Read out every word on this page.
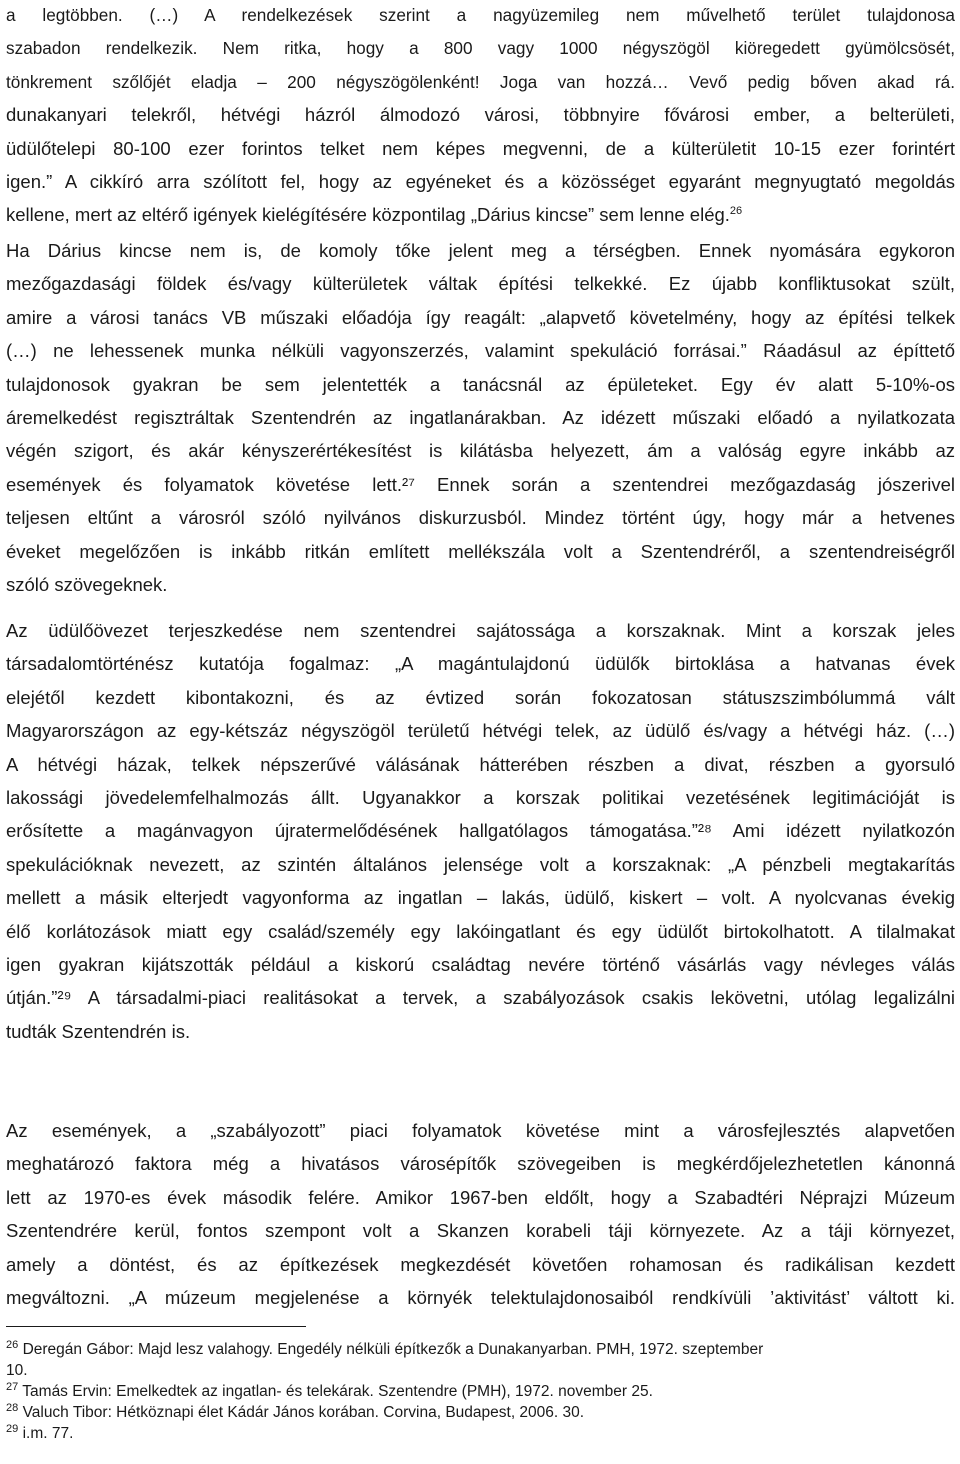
a legtöbben. (…) A rendelkezések szerint a nagyüzemileg nem művelhető terület tulajdonosa
szabadon rendelkezik. Nem ritka, hogy a 800 vagy 1000 négyszögöl kiöregedett gyümölcsösét,
tönkrement szőlőjét eladja – 200 négyszögölenként! Joga van hozzá… Vevő pedig bőven akad rá.
dunakanyari telekről, hétvégi házról álmodozó városi, többnyire fővárosi ember, a belterületi,
üdülőtelepi 80-100 ezer forintos telket nem képes megvenni, de a külterületit 10-15 ezer forintért
igen.” A cikkíró arra szólított fel, hogy az egyéneket és a közösséget egyaránt megnyugtató megoldás
kellene, mert az eltérő igények kielégítésére központilag „Dárius kincse” sem lenne elég.$^{26}$
Ha Dárius kincse nem is, de komoly tőke jelent meg a térségben. Ennek nyomására egykoron
mezőgazdasági földek és/vagy külterületek váltak építési telkekké. Ez újabb konfliktusokat szült,
amire a városi tanács VB műszaki előadója így reagált: „alapvető követelmény, hogy az építési telkek
(…) ne lehessenek munka nélküli vagyonszerzés, valamint spekuláció forrásai.” Ráadásul az építtető
tulajdonosok gyakran be sem jelentették a tanácsnál az épületeket. Egy év alatt 5-10%-os
áremelkedést regisztráltak Szentendrén az ingatlanárakban. Az idézett műszaki előadó a nyilatkozata
végén szigort, és akár kényszerértékesítést is kilátásba helyezett, ám a valóság egyre inkább az
események és folyamatok követése lett.²⁷ Ennek során a szentendrei mezőgazdaság jószerivel
teljesen eltűnt a városról szóló nyilvános diskurzusból. Mindez történt úgy, hogy már a hetvenes
éveket megelőzően is inkább ritkán említett mellékszála volt a Szentendréről, a szentendreiségről
szóló szövegeknek.
Az üdülőövezet terjeszkedése nem szentendrei sajátossága a korszaknak. Mint a korszak jeles
társadalomtörténész kutatója fogalmaz: „A magántulajdonú üdülők birtoklása a hatvanas évek
elejétől kezdett kibontakozni, és az évtized során fokozatosan státuszszimbólummá vált
Magyarországon az egy-kétszáz négyszögöl területű hétvégi telek, az üdülő és/vagy a hétvégi ház. (…)
A hétvégi házak, telkek népszerűvé válásának hátterében részben a divat, részben a gyorsuló
lakossági jövedelemfelhalmozás állt. Ugyanakkor a korszak politikai vezetésének legitimációját is
erősítette a magánvagyon újratermelődésének hallgatólagos támogatása.”²⁸ Ami idézett nyilatkozón
spekulációknak nevezett, az szintén általános jelensége volt a korszaknak: „A pénzbeli megtakarítás
mellett a másik elterjedt vagyonforma az ingatlan – lakás, üdülő, kiskert – volt. A nyolcvanas évekig
élő korlátozások miatt egy család/személy egy lakóingatlant és egy üdülőt birtokolhatott. A tilalmakat
igen gyakran kijátszották például a kiskorú családtag nevére történő vásárlás vagy névleges válás
útján.”²⁹ A társadalmi-piaci realitásokat a tervek, a szabályozások csakis lekövetni, utólag legalizálni
tudták Szentendrén is.
Az események, a „szabályozott” piaci folyamatok követése mint a városfejlesztés alapvetően
meghatározó faktora még a hivatásos városépítők szövegeiben is megkérdőjelezhetetlen kánonná
lett az 1970-es évek második felére. Amikor 1967-ben eldőlt, hogy a Szabadtéri Néprajzi Múzeum
Szentendrére kerül, fontos szempont volt a Skanzen korabeli táji környezete. Az a táji környezet,
amely a döntést, és az építkezések megkezdését követően rohamosan és radikálisan kezdett
megváltozni. „A múzeum megjelenése a környék telektulajdonosaiból rendkívüli ’aktivitást’ váltott ki.
$^{26}$ Deregán Gábor: Majd lesz valahogy. Engedély nélküli építkezők a Dunakanyarban. PMH, 1972. szeptember
10.
$^{27}$ Tamás Ervin: Emelkedtek az ingatlan- és telekárak. Szentendre (PMH), 1972. november 25.
$^{28}$ Valuch Tibor: Hétköznapi élet Kádár János korában. Corvina, Budapest, 2006. 30.
$^{29}$ i.m. 77.
